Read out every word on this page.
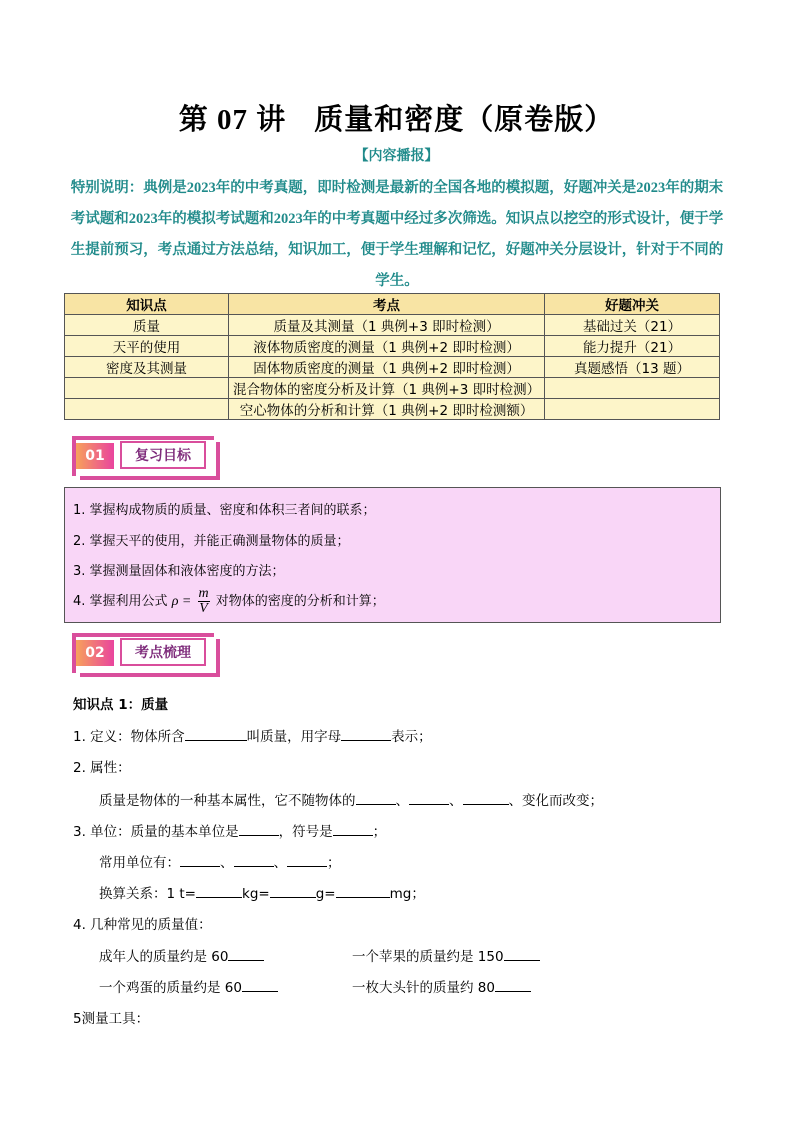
第 07 讲 质量和密度（原卷版）
【内容播报】
特别说明：典例是2023年的中考真题，即时检测是最新的全国各地的模拟题，好题冲关是2023年的期末考试题和2023年的模拟考试题和2023年的中考真题中经过多次筛选。知识点以挖空的形式设计，便于学生提前预习，考点通过方法总结，知识加工，便于学生理解和记忆，好题冲关分层设计，针对于不同的学生。
知识点	考点	好题冲关
质量	质量及其测量（1 典例+3 即时检测）	基础过关（21）
天平的使用	液体物质密度的测量（1 典例+2 即时检测）	能力提升（21）
密度及其测量	固体物质密度的测量（1 典例+2 即时检测）	真题感悟（13 题）
	混合物体的密度分析及计算（1 典例+3 即时检测）	
	空心物体的分析和计算（1 典例+2 即时检测额）	
01	复习目标
1. 掌握构成物质的质量、密度和体积三者间的联系；
2. 掌握天平的使用，并能正确测量物体的质量；
3. 掌握测量固体和液体密度的方法；
4. 掌握利用公式 $\rho = \frac{m}{V}$ 对物体的密度的分析和计算；
02	考点梳理
知识点 1：质量
1. 定义：物体所含	叫质量，用字母	表示；
2. 属性：
质量是物体的一种基本属性，它不随物体的	、	、	、变化而改变；
3. 单位：质量的基本单位是	，符号是	；
常用单位有：	、	、	；
换算关系：1 t=	kg=	g=	mg；
4. 几种常见的质量值：
成年人的质量约是 60	一个苹果的质量约是 150
一个鸡蛋的质量约是 60	一枚大头针的质量约 80
5测量工具：
